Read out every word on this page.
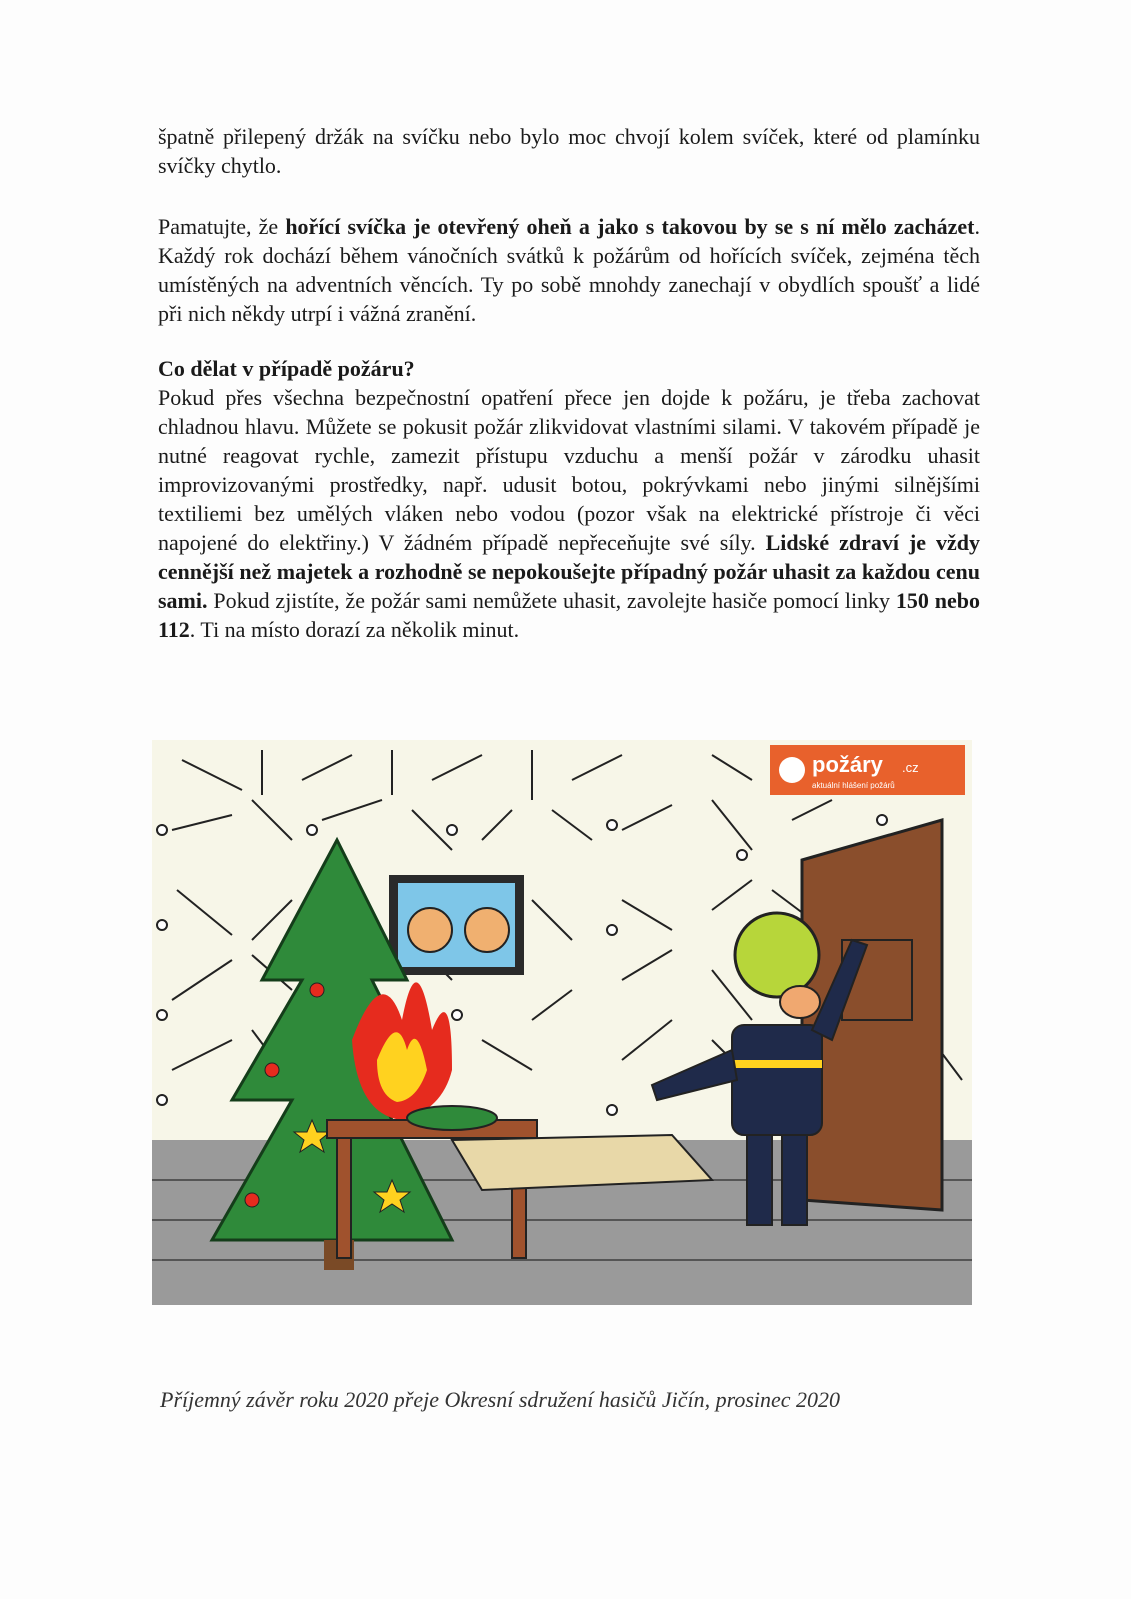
špatně přilepený držák na svíčku nebo bylo moc chvojí kolem svíček, které od plamínku svíčky chytlo.

Pamatujte, že hořící svíčka je otevřený oheň a jako s takovou by se s ní mělo zacházet. Každý rok dochází během vánočních svátků k požárům od hořících svíček, zejména těch umístěných na adventních věncích. Ty po sobě mnohdy zanechají v obydlích spoušť a lidé při nich někdy utrpí i vážná zranění.

Co dělat v případě požáru?

Pokud přes všechna bezpečnostní opatření přece jen dojde k požáru, je třeba zachovat chladnou hlavu. Můžete se pokusit požár zlikvidovat vlastními silami. V takovém případě je nutné reagovat rychle, zamezit přístupu vzduchu a menší požár v zárodku uhasit improvizovanými prostředky, např. udusit botou, pokrývkami nebo jinými silnějšími textiliemi bez umělých vláken nebo vodou (pozor však na elektrické přístroje či věci napojené do elektřiny.) V žádném případě nepřeceňujte své síly. Lidské zdraví je vždy cennější než majetek a rozhodně se nepokoušejte případný požár uhasit za každou cenu sami. Pokud zjistíte, že požár sami nemůžete uhasit, zavolejte hasiče pomocí linky 150 nebo 112. Ti na místo dorazí za několik minut.

požáry .cz
aktuální hlášení požárů
Příjemný závěr roku 2020 přeje Okresní sdružení hasičů Jičín, prosinec 2020
